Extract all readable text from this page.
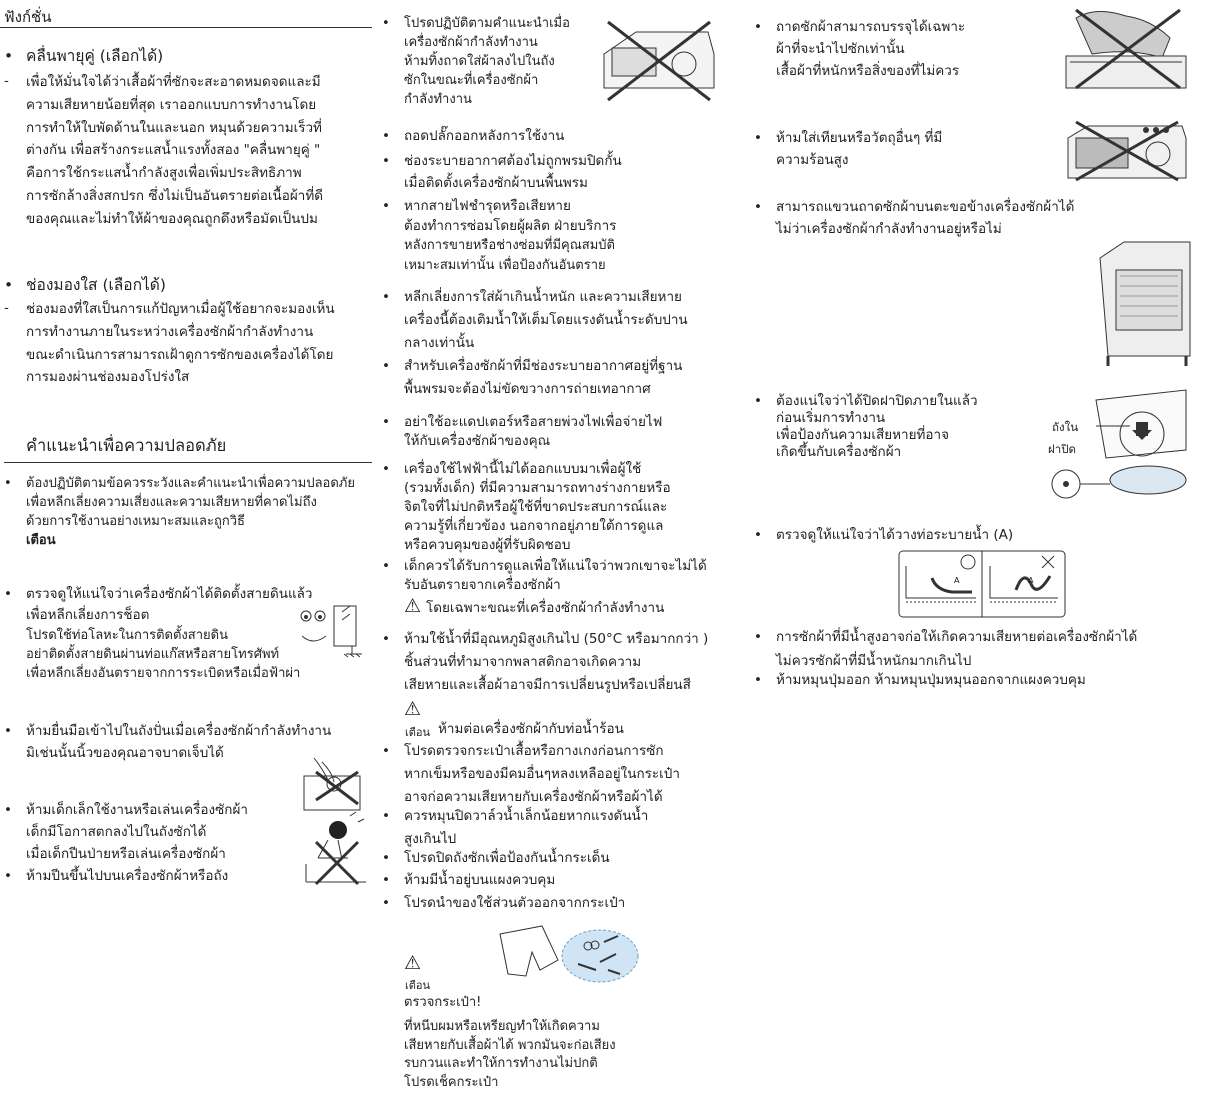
ฟังก์ชั่น
• คลื่นพายุคู่ (เลือกได้)
- เพื่อให้มั่นใจได้ว่าเสื้อผ้าที่ซักจะสะอาดหมดจดและมี
ความเสียหายน้อยที่สุด เราออกแบบการทำงานโดย
การทำให้ใบพัดด้านในและนอก หมุนด้วยความเร็วที่
ต่างกัน เพื่อสร้างกระแสน้ำแรงทั้งสอง "คลื่นพายุคู่ "
คือการใช้กระแสน้ำกำลังสูงเพื่อเพิ่มประสิทธิภาพ
การซักล้างสิ่งสกปรก ซึ่งไม่เป็นอันตรายต่อเนื้อผ้าที่ดี
ของคุณและไม่ทำให้ผ้าของคุณถูกดึงหรือมัดเป็นปม
• ช่องมองใส (เลือกได้)
- ช่องมองที่ใสเป็นการแก้ปัญหาเมื่อผู้ใช้อยากจะมองเห็น
การทำงานภายในระหว่างเครื่องซักผ้ากำลังทำงาน
ขณะดำเนินการสามารถเฝ้าดูการซักของเครื่องได้โดย
การมองผ่านช่องมองโปร่งใส
คำแนะนำเพื่อความปลอดภัย
• ต้องปฏิบัติตามข้อควรระวังและคำแนะนำเพื่อความปลอดภัย
เพื่อหลีกเลี่ยงความเสี่ยงและความเสียหายที่คาดไม่ถึง
ด้วยการใช้งานอย่างเหมาะสมและถูกวิธี
เตือน
• ตรวจดูให้แน่ใจว่าเครื่องซักผ้าได้ติดตั้งสายดินแล้ว
เพื่อหลีกเลี่ยงการช็อต
โปรดใช้ท่อโลหะในการติดตั้งสายดิน
อย่าติดตั้งสายดินผ่านท่อแก๊สหรือสายโทรศัพท์
เพื่อหลีกเลี่ยงอันตรายจากการระเบิดหรือเมื่อฟ้าผ่า
• ห้ามยื่นมือเข้าไปในถังปั่นเมื่อเครื่องซักผ้ากำลังทำงาน
มิเช่นนั้นนิ้วของคุณอาจบาดเจ็บได้
• ห้ามเด็กเล็กใช้งานหรือเล่นเครื่องซักผ้า
เด็กมีโอกาสตกลงไปในถังซักได้
เมื่อเด็กปีนป่ายหรือเล่นเครื่องซักผ้า
• ห้ามปีนขึ้นไปบนเครื่องซักผ้าหรือถัง
• โปรดปฏิบัติตามคำแนะนำเมื่อ
เครื่องซักผ้ากำลังทำงาน
ห้ามทิ้งถาดใส่ผ้าลงไปในถัง
ซักในขณะที่เครื่องซักผ้า
กำลังทำงาน
• ถอดปลั๊กออกหลังการใช้งาน
• ช่องระบายอากาศต้องไม่ถูกพรมปิดกั้น
เมื่อติดตั้งเครื่องซักผ้าบนพื้นพรม
• หากสายไฟชำรุดหรือเสียหาย
ต้องทำการซ่อมโดยผู้ผลิต ฝ่ายบริการ
หลังการขายหรือช่างซ่อมที่มีคุณสมบัติ
เหมาะสมเท่านั้น เพื่อป้องกันอันตราย
• หลีกเลี่ยงการใส่ผ้าเกินน้ำหนัก และความเสียหาย
เครื่องนี้ต้องเติมน้ำให้เต็มโดยแรงดันน้ำระดับปาน
กลางเท่านั้น
• สำหรับเครื่องซักผ้าที่มีช่องระบายอากาศอยู่ที่ฐาน
พื้นพรมจะต้องไม่ขัดขวางการถ่ายเทอากาศ
• อย่าใช้อะแดปเตอร์หรือสายพ่วงไฟเพื่อจ่ายไฟ
ให้กับเครื่องซักผ้าของคุณ
• เครื่องใช้ไฟฟ้านี้ไม่ได้ออกแบบมาเพื่อผู้ใช้
(รวมทั้งเด็ก) ที่มีความสามารถทางร่างกายหรือ
จิตใจที่ไม่ปกติหรือผู้ใช้ที่ขาดประสบการณ์และ
ความรู้ที่เกี่ยวข้อง นอกจากอยู่ภายใต้การดูแล
หรือควบคุมของผู้ที่รับผิดชอบ
• เด็กควรได้รับการดูแลเพื่อให้แน่ใจว่าพวกเขาจะไม่ได้
รับอันตรายจากเครื่องซักผ้า
⚠ โดยเฉพาะขณะที่เครื่องซักผ้ากำลังทำงาน
• ห้ามใช้น้ำที่มีอุณหภูมิสูงเกินไป (50°C หรือมากกว่า )
ชิ้นส่วนที่ทำมาจากพลาสติกอาจเกิดความ
เสียหายและเสื้อผ้าอาจมีการเปลี่ยนรูปหรือเปลี่ยนสี
⚠
เตือน ห้ามต่อเครื่องซักผ้ากับท่อน้ำร้อน
• โปรดตรวจกระเป๋าเสื้อหรือกางเกงก่อนการซัก
หากเข็มหรือของมีคมอื่นๆหลงเหลืออยู่ในกระเป๋า
อาจก่อความเสียหายกับเครื่องซักผ้าหรือผ้าได้
• ควรหมุนปิดวาล์วน้ำเล็กน้อยหากแรงดันน้ำ
สูงเกินไป
• โปรดปิดถังซักเพื่อป้องกันน้ำกระเด็น
• ห้ามมีน้ำอยู่บนแผงควบคุม
• โปรดนำของใช้ส่วนตัวออกจากกระเป๋า
⚠
เตือน
ตรวจกระเป๋า!
ที่หนีบผมหรือเหรียญทำให้เกิดความ
เสียหายกับเสื้อผ้าได้ พวกมันจะก่อเสียง
รบกวนและทำให้การทำงานไม่ปกติ
โปรดเช็คกระเป๋า
• ถาดซักผ้าสามารถบรรจุได้เฉพาะ
ผ้าที่จะนำไปซักเท่านั้น
เสื้อผ้าที่หนักหรือสิ่งของที่ไม่ควร
• ห้ามใส่เทียนหรือวัตถุอื่นๆ ที่มี
ความร้อนสูง
• สามารถแขวนถาดซักผ้าบนตะขอข้างเครื่องซักผ้าได้
ไม่ว่าเครื่องซักผ้ากำลังทำงานอยู่หรือไม่
• ต้องแน่ใจว่าได้ปิดฝาปิดภายในแล้ว
ก่อนเริ่มการทำงาน
เพื่อป้องกันความเสียหายที่อาจ
เกิดขึ้นกับเครื่องซักผ้า
ถังใน
ฝาปิด
• ตรวจดูให้แน่ใจว่าได้วางท่อระบายน้ำ (A)
A	A
• การซักผ้าที่มีน้ำสูงอาจก่อให้เกิดความเสียหายต่อเครื่องซักผ้าได้
ไม่ควรซักผ้าที่มีน้ำหนักมากเกินไป
• ห้ามหมุนปุ่มออก ห้ามหมุนปุ่มหมุนออกจากแผงควบคุม
